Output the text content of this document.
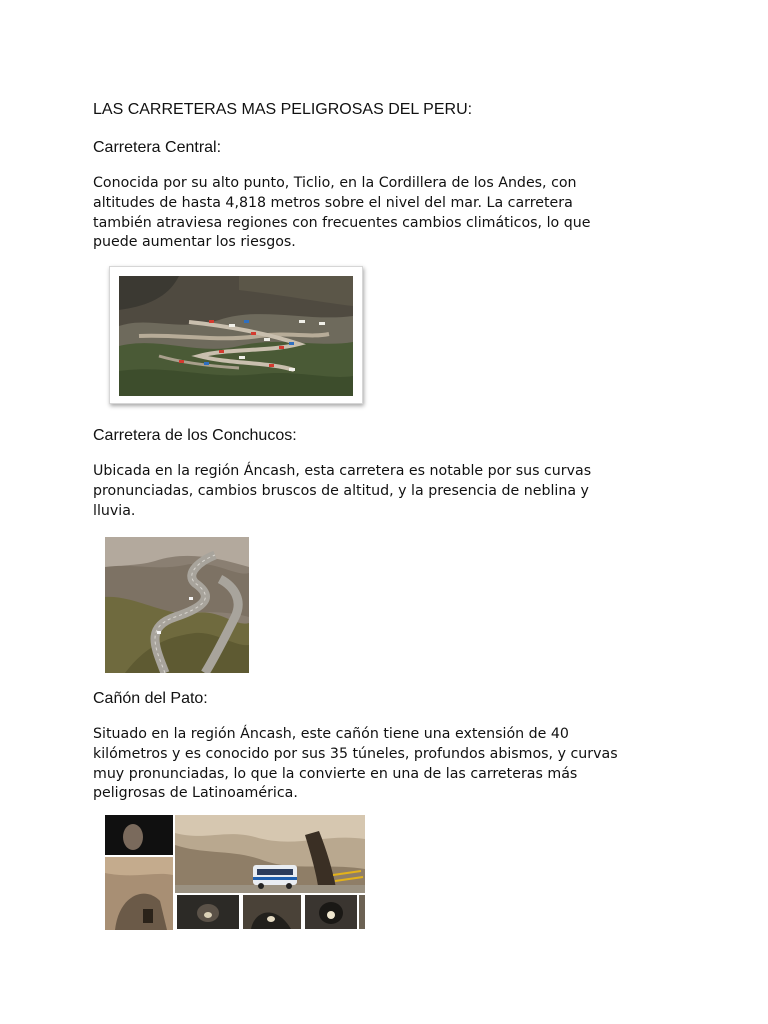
LAS CARRETERAS MAS PELIGROSAS DEL PERU:
Carretera Central:
Conocida por su alto punto, Ticlio, en la Cordillera de los Andes, con
altitudes de hasta 4,818 metros sobre el nivel del mar. La carretera
también atraviesa regiones con frecuentes cambios climáticos, lo que
puede aumentar los riesgos.
Carretera de los Conchucos:
Ubicada en la región Áncash, esta carretera es notable por sus curvas
pronunciadas, cambios bruscos de altitud, y la presencia de neblina y
lluvia.
Cañón del Pato:
Situado en la región Áncash, este cañón tiene una extensión de 40
kilómetros y es conocido por sus 35 túneles, profundos abismos, y curvas
muy pronunciadas, lo que la convierte en una de las carreteras más
peligrosas de Latinoamérica.
